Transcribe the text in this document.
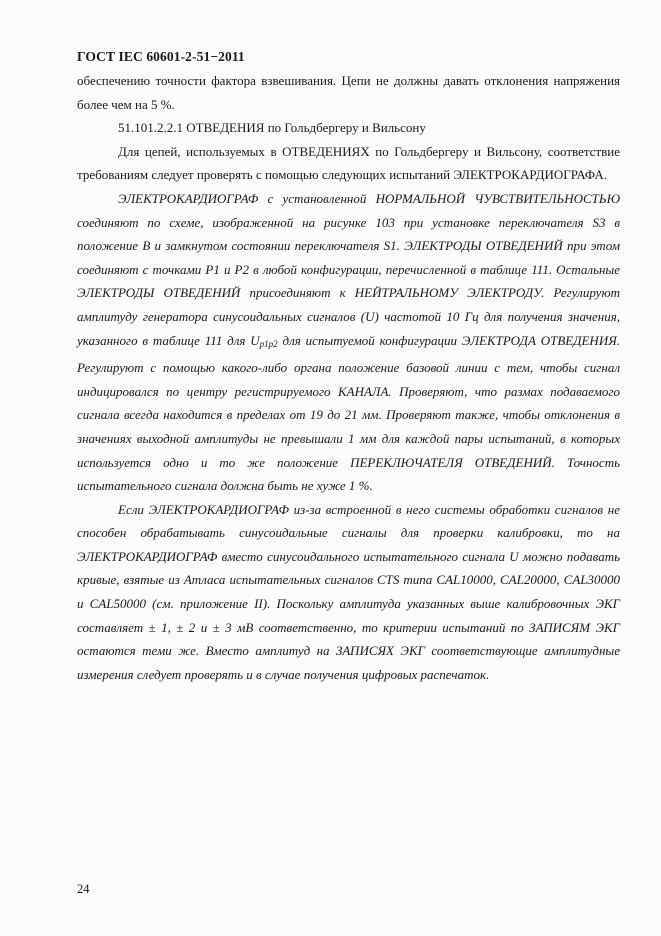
ГОСТ IEC 60601-2-51−2011

обеспечению точности фактора взвешивания. Цепи не должны давать отклонения напряжения более чем на 5 %.

51.101.2.2.1 ОТВЕДЕНИЯ по Гольдбергеру и Вильсону

Для цепей, используемых в ОТВЕДЕНИЯХ по Гольдбергеру и Вильсону, соответствие требованиям следует проверять с помощью следующих испытаний ЭЛЕКТРОКАРДИОГРАФА.

ЭЛЕКТРОКАРДИОГРАФ с установленной НОРМАЛЬНОЙ ЧУВСТВИТЕЛЬНОСТЬЮ соединяют по схеме, изображенной на рисунке 103 при установке переключателя S3 в положение B и замкнутом состоянии переключателя S1. ЭЛЕКТРОДЫ ОТВЕДЕНИЙ при этом соединяют с точками P1 и P2 в любой конфигурации, перечисленной в таблице 111. Остальные ЭЛЕКТРОДЫ ОТВЕДЕНИЙ присоединяют к НЕЙТРАЛЬНОМУ ЭЛЕКТРОДУ. Регулируют амплитуду генератора синусоидальных сигналов (U) частотой 10 Гц для получения значения, указанного в таблице 111 для $U_{p1p2}$ для испытуемой конфигурации ЭЛЕКТРОДА ОТВЕДЕНИЯ. Регулируют с помощью какого-либо органа положение базовой линии с тем, чтобы сигнал индицировался по центру регистрируемого КАНАЛА. Проверяют, что размах подаваемого сигнала всегда находится в пределах от 19 до 21 мм. Проверяют также, чтобы отклонения в значениях выходной амплитуды не превышали 1 мм для каждой пары испытаний, в которых используется одно и то же положение ПЕРЕКЛЮЧАТЕЛЯ ОТВЕДЕНИЙ. Точность испытательного сигнала должна быть не хуже 1 %.

Если ЭЛЕКТРОКАРДИОГРАФ из-за встроенной в него системы обработки сигналов не способен обрабатывать синусоидальные сигналы для проверки калибровки, то на ЭЛЕКТРОКАРДИОГРАФ вместо синусоидального испытательного сигнала U можно подавать кривые, взятые из Атласа испытательных сигналов CTS типа CAL10000, CAL20000, CAL30000 и CAL50000 (см. приложение II). Поскольку амплитуда указанных выше калибровочных ЭКГ составляет ± 1, ± 2 и ± 3 мВ соответственно, то критерии испытаний по ЗАПИСЯМ ЭКГ остаются теми же. Вместо амплитуд на ЗАПИСЯХ ЭКГ соответствующие амплитудные измерения следует проверять и в случае получения цифровых распечаток.

24
